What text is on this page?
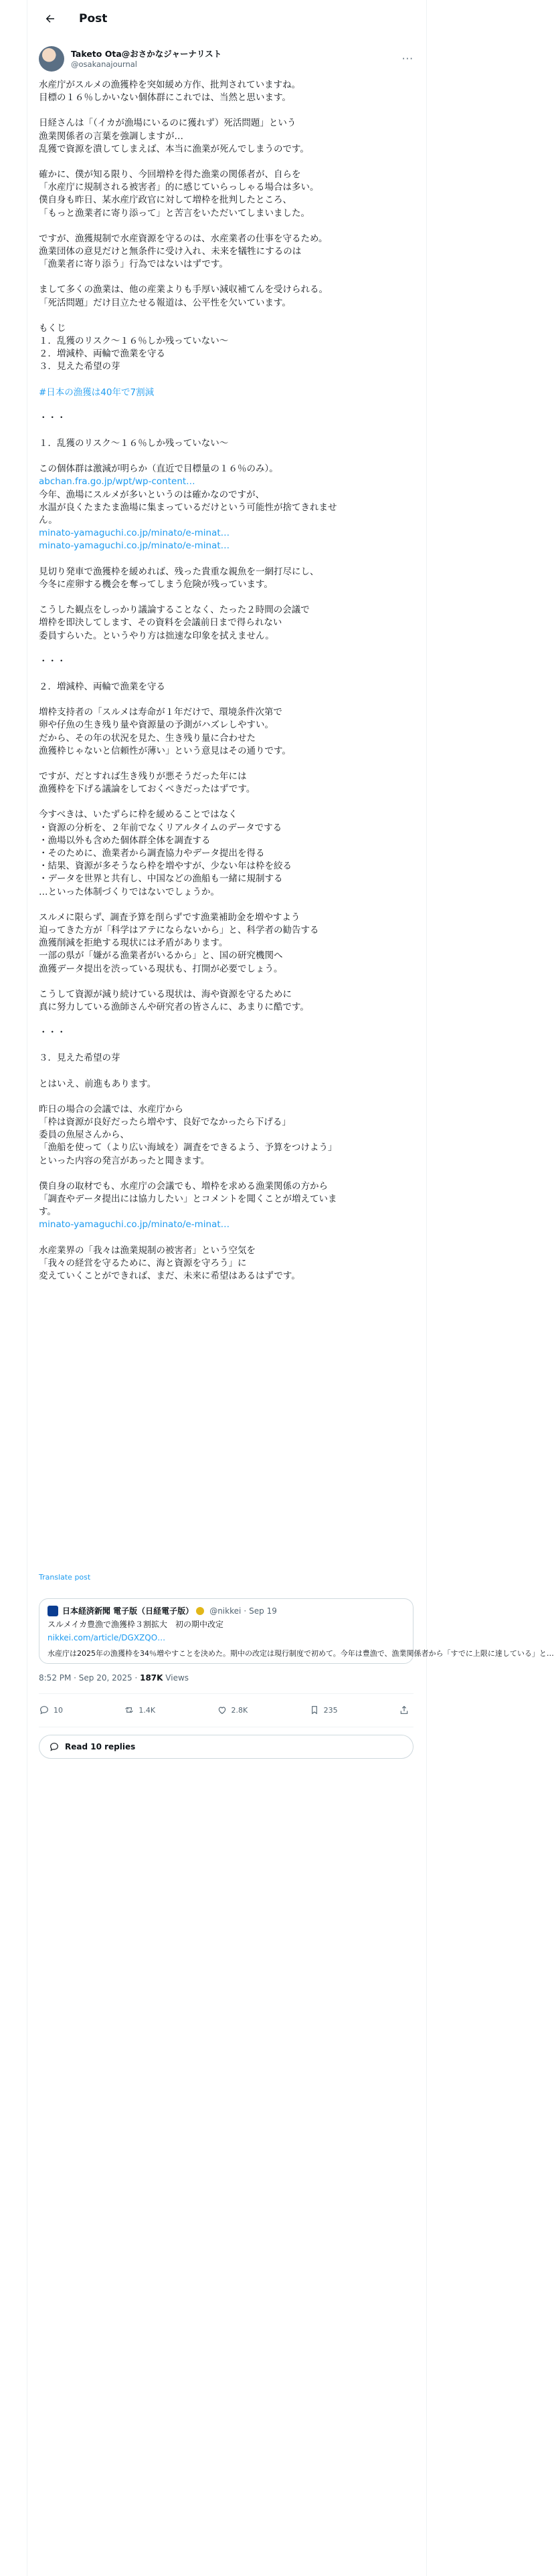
Post
Taketo Ota@おさかなジャーナリスト
@osakanajournal	···
水産庁がスルメの漁獲枠を突如緩め方作、批判されていますね。
目標の１６％しかいない個体群にこれでは、当然と思います。
日経さんは「（イカが漁場にいるのに獲れず）死活問題」という
漁業関係者の言葉を強調しますが…
乱獲で資源を潰してしまえば、本当に漁業が死んでしまうのです。
確かに、僕が知る限り、今回増枠を得た漁業の関係者が、自らを
「水産庁に規制される被害者」的に感じていらっしゃる場合は多い。
僕自身も昨日、某水産庁政官に対して増枠を批判したところ、
「もっと漁業者に寄り添って」と苦言をいただいてしまいました。
ですが、漁獲規制で水産資源を守るのは、水産業者の仕事を守るため。
漁業団体の意見だけと無条件に受け入れ、未来を犠牲にするのは
「漁業者に寄り添う」行為ではないはずです。
まして多くの漁業は、他の産業よりも手厚い減収補てんを受けられる。
「死活問題」だけ目立たせる報道は、公平性を欠いています。
もくじ
１．乱獲のリスク〜１６％しか残っていない〜
２．増減枠、両輪で漁業を守る
３．見えた希望の芽
#日本の漁獲は40年で7割減
・・・
１．乱獲のリスク〜１６％しか残っていない〜
この個体群は激減が明らか（直近で目標量の１６％のみ）。
abchan.fra.go.jp/wpt/wp-content…
今年、漁場にスルメが多いというのは確かなのですが、
水温が良くたまたま漁場に集まっているだけという可能性が捨てきれませ
ん。
minato-yamaguchi.co.jp/minato/e-minat…
minato-yamaguchi.co.jp/minato/e-minat…
見切り発車で漁獲枠を緩めれば、残った貴重な親魚を一網打尽にし、
今冬に産卵する機会を奪ってしまう危険が残っています。
こうした観点をしっかり議論することなく、たった２時間の会議で
増枠を即決してします、その資料を会議前日まで得られない
委員すらいた。というやり方は拙速な印象を拭えません。
・・・
２．増減枠、両輪で漁業を守る
増枠支持者の「スルメは寿命が１年だけで、環境条件次第で
卵や仔魚の生き残り量や資源量の予測がハズレしやすい。
だから、その年の状況を見た、生き残り量に合わせた
漁獲枠じゃないと信頼性が薄い」という意見はその通りです。
ですが、だとすれば生き残りが悪そうだった年には
漁獲枠を下げる議論をしておくべきだったはずです。
今すべきは、いたずらに枠を緩めることではなく
・資源の分析を、２年前でなくリアルタイムのデータでする
・漁場以外も含めた個体群全体を調査する
・そのために、漁業者から調査協力やデータ提出を得る
・結果、資源が多そうなら枠を増やすが、少ない年は枠を絞る
・データを世界と共有し、中国などの漁船も一緒に規制する
…といった体制づくりではないでしょうか。
スルメに限らず、調査予算を削らずです漁業補助金を増やすよう
迫ってきた方が「科学はアテにならないから」と、科学者の勧告する
漁獲削減を拒絶する現状には矛盾があります。
一部の県が「嫌がる漁業者がいるから」と、国の研究機関へ
漁獲データ提出を渋っている現状も、打開が必要でしょう。
こうして資源が減り続けている現状は、海や資源を守るために
真に努力している漁師さんや研究者の皆さんに、あまりに酷です。
・・・
３．見えた希望の芽
とはいえ、前進もあります。
昨日の場合の会議では、水産庁から
「枠は資源が良好だったら増やす、良好でなかったら下げる」
委員の魚屋さんから、
「漁船を使って（より広い海域を）調査をできるよう、予算をつけよう」
といった内容の発言があったと聞きます。
僕自身の取材でも、水産庁の会議でも、増枠を求める漁業関係の方から
「調査やデータ提出には協力したい」とコメントを聞くことが増えていま
す。
minato-yamaguchi.co.jp/minato/e-minat…
水産業界の「我々は漁業規制の被害者」という空気を
「我々の経営を守るために、海と資源を守ろう」に
変えていくことができれば、まだ、未来に希望はあるはずです。
Translate post
日本経済新聞 電子版（日経電子版） @nikkei · Sep 19
スルメイカ豊漁で漁獲枠３割拡大　初の期中改定
nikkei.com/article/DGXZQO…
水産庁は2025年の漁獲枠を34％増やすことを決めた。期中の改定は現行制度で初めて。今年は豊漁で、漁業関係者から「すでに上限に達している」と…
8:52 PM · Sep 20, 2025 · 187K Views
10	1.4K	2.8K	235
Read 10 replies
